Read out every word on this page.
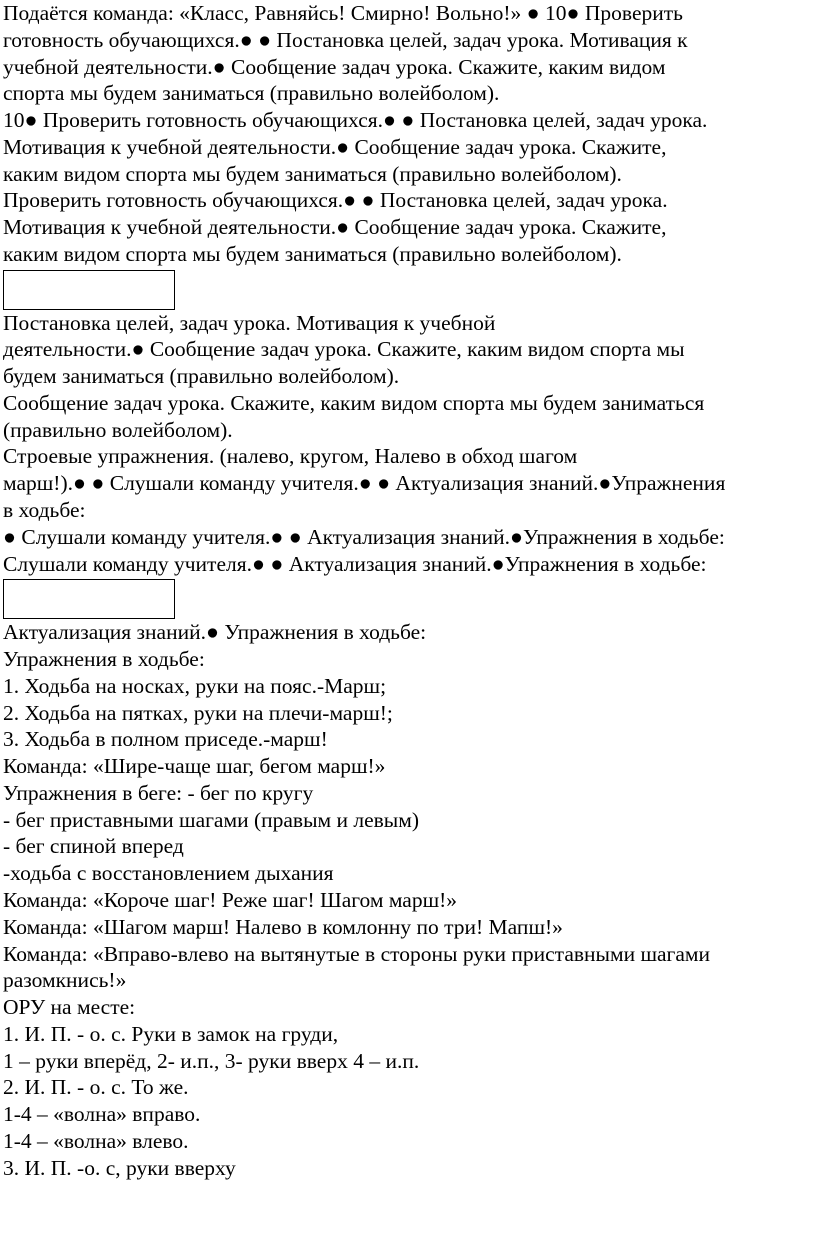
Подаётся команда: «Класс, Равняйсь! Смирно! Вольно!» ● 10● Проверить
готовность обучающихся.● ● Постановка целей, задач урока. Мотивация к
учебной деятельности.● Сообщение задач урока. Скажите, каким видом
спорта мы будем заниматься (правильно волейболом).
10● Проверить готовность обучающихся.● ● Постановка целей, задач урока.
Мотивация к учебной деятельности.● Сообщение задач урока. Скажите,
каким видом спорта мы будем заниматься (правильно волейболом).
Проверить готовность обучающихся.● ● Постановка целей, задач урока.
Мотивация к учебной деятельности.● Сообщение задач урока. Скажите,
каким видом спорта мы будем заниматься (правильно волейболом).
Постановка целей, задач урока. Мотивация к учебной
деятельности.● Сообщение задач урока. Скажите, каким видом спорта мы
будем заниматься (правильно волейболом).
Сообщение задач урока. Скажите, каким видом спорта мы будем заниматься
(правильно волейболом).
Строевые упражнения. (налево, кругом, Налево в обход шагом
марш!).● ● Слушали команду учителя.● ● Актуализация знаний.●Упражнения
в ходьбе:
● Слушали команду учителя.● ● Актуализация знаний.●Упражнения в ходьбе:
Слушали команду учителя.● ● Актуализация знаний.●Упражнения в ходьбе:
Актуализация знаний.● Упражнения в ходьбе:
Упражнения в ходьбе:
1. Ходьба на носках, руки на пояс.-Марш;
2. Ходьба на пятках, руки на плечи-марш!;
3. Ходьба в полном приседе.-марш!
Команда: «Шире-чаще шаг, бегом марш!»
Упражнения в беге: - бег по кругу
- бег приставными шагами (правым и левым)
- бег спиной вперед
-ходьба с восстановлением дыхания
Команда: «Короче шаг! Реже шаг! Шагом марш!»
Команда: «Шагом марш! Налево в комлонну по три! Мапш!»
Команда: «Вправо-влево на вытянутые в стороны руки приставными шагами
разомкнись!»
ОРУ на месте:
1. И. П. - о. с. Руки в замок на груди,
1 – руки вперёд, 2- и.п., 3- руки вверх 4 – и.п.
2. И. П. - о. с. То же.
1-4 – «волна» вправо.
1-4 – «волна» влево.
3. И. П. -о. с, руки вверху
